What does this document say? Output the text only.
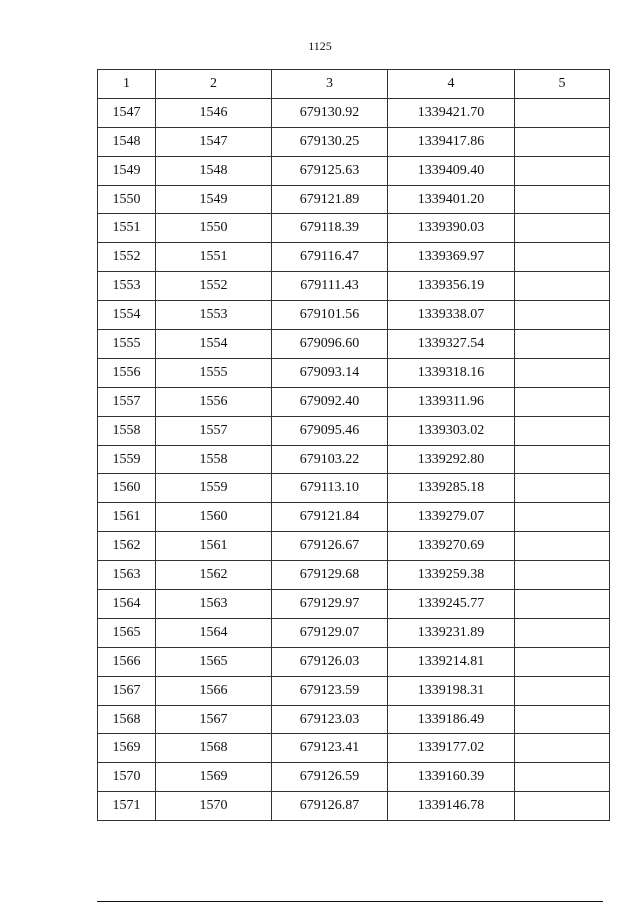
1125
1	2	3	4	5
1547	1546	679130.92	1339421.70	
1548	1547	679130.25	1339417.86	
1549	1548	679125.63	1339409.40	
1550	1549	679121.89	1339401.20	
1551	1550	679118.39	1339390.03	
1552	1551	679116.47	1339369.97	
1553	1552	679111.43	1339356.19	
1554	1553	679101.56	1339338.07	
1555	1554	679096.60	1339327.54	
1556	1555	679093.14	1339318.16	
1557	1556	679092.40	1339311.96	
1558	1557	679095.46	1339303.02	
1559	1558	679103.22	1339292.80	
1560	1559	679113.10	1339285.18	
1561	1560	679121.84	1339279.07	
1562	1561	679126.67	1339270.69	
1563	1562	679129.68	1339259.38	
1564	1563	679129.97	1339245.77	
1565	1564	679129.07	1339231.89	
1566	1565	679126.03	1339214.81	
1567	1566	679123.59	1339198.31	
1568	1567	679123.03	1339186.49	
1569	1568	679123.41	1339177.02	
1570	1569	679126.59	1339160.39	
1571	1570	679126.87	1339146.78	
